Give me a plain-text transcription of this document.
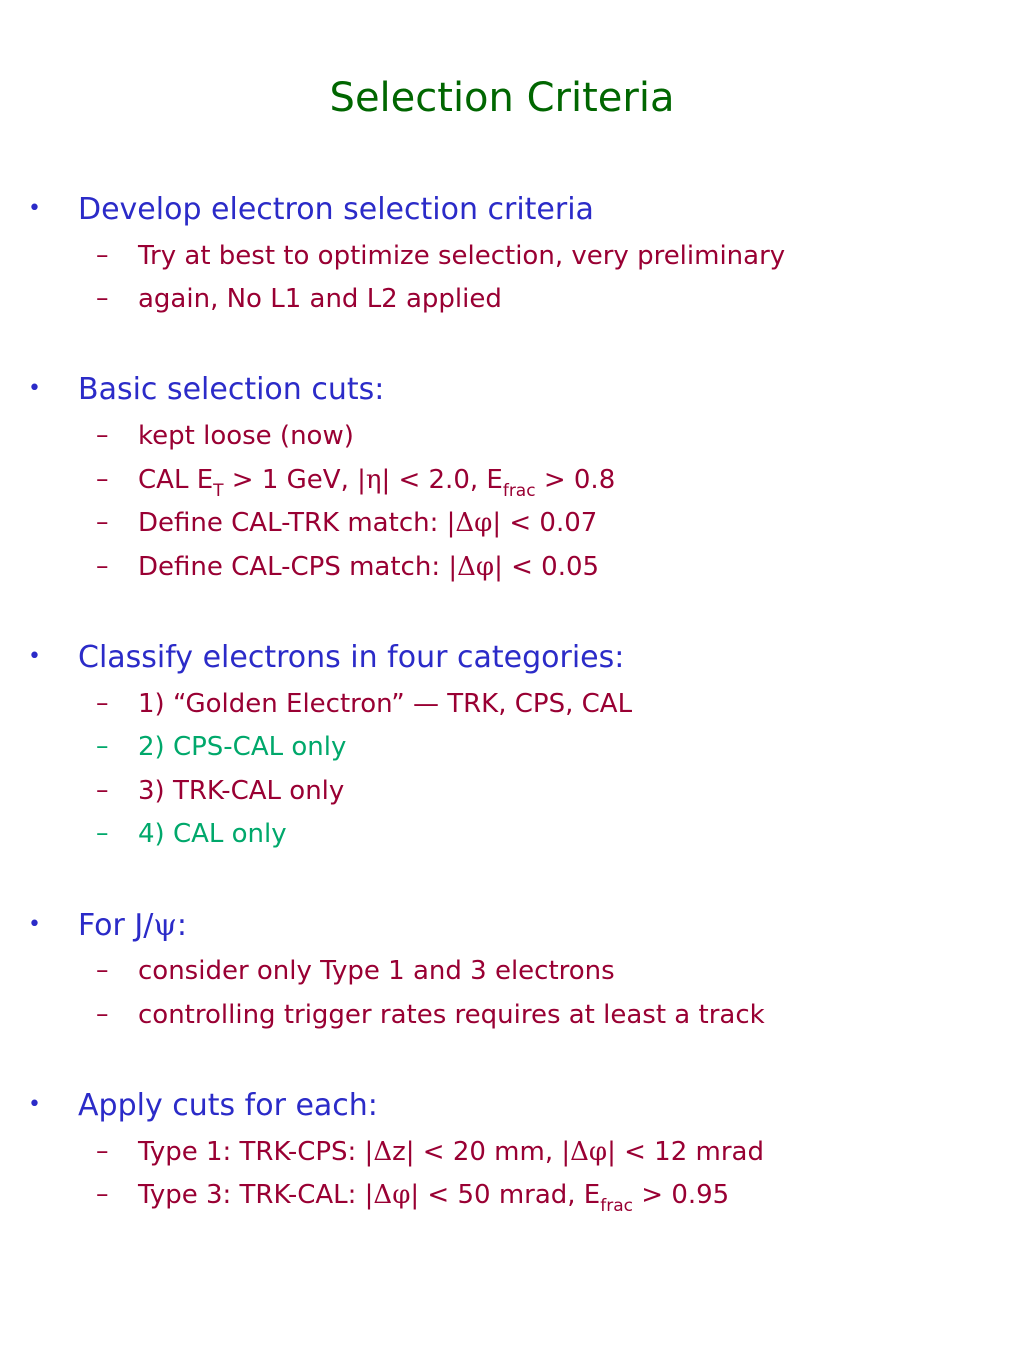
Selection Criteria
• Develop electron selection criteria
– Try at best to optimize selection, very preliminary
– again, No L1 and L2 applied
• Basic selection cuts:
– kept loose (now)
– CAL $E_T > 1$ GeV, |η| < 2.0, $E_{frac} > 0.8$
– Define CAL-TRK match: |Δφ| < 0.07
– Define CAL-CPS match: |Δφ| < 0.05
• Classify electrons in four categories:
– 1) “Golden Electron” — TRK, CPS, CAL
– 2) CPS-CAL only
– 3) TRK-CAL only
– 4) CAL only
• For J/ψ:
– consider only Type 1 and 3 electrons
– controlling trigger rates requires at least a track
• Apply cuts for each:
– Type 1: TRK-CPS: |Δz| < 20 mm, |Δφ| < 12 mrad
– Type 3: TRK-CAL: |Δφ| < 50 mrad, $E_{frac} > 0.95$
